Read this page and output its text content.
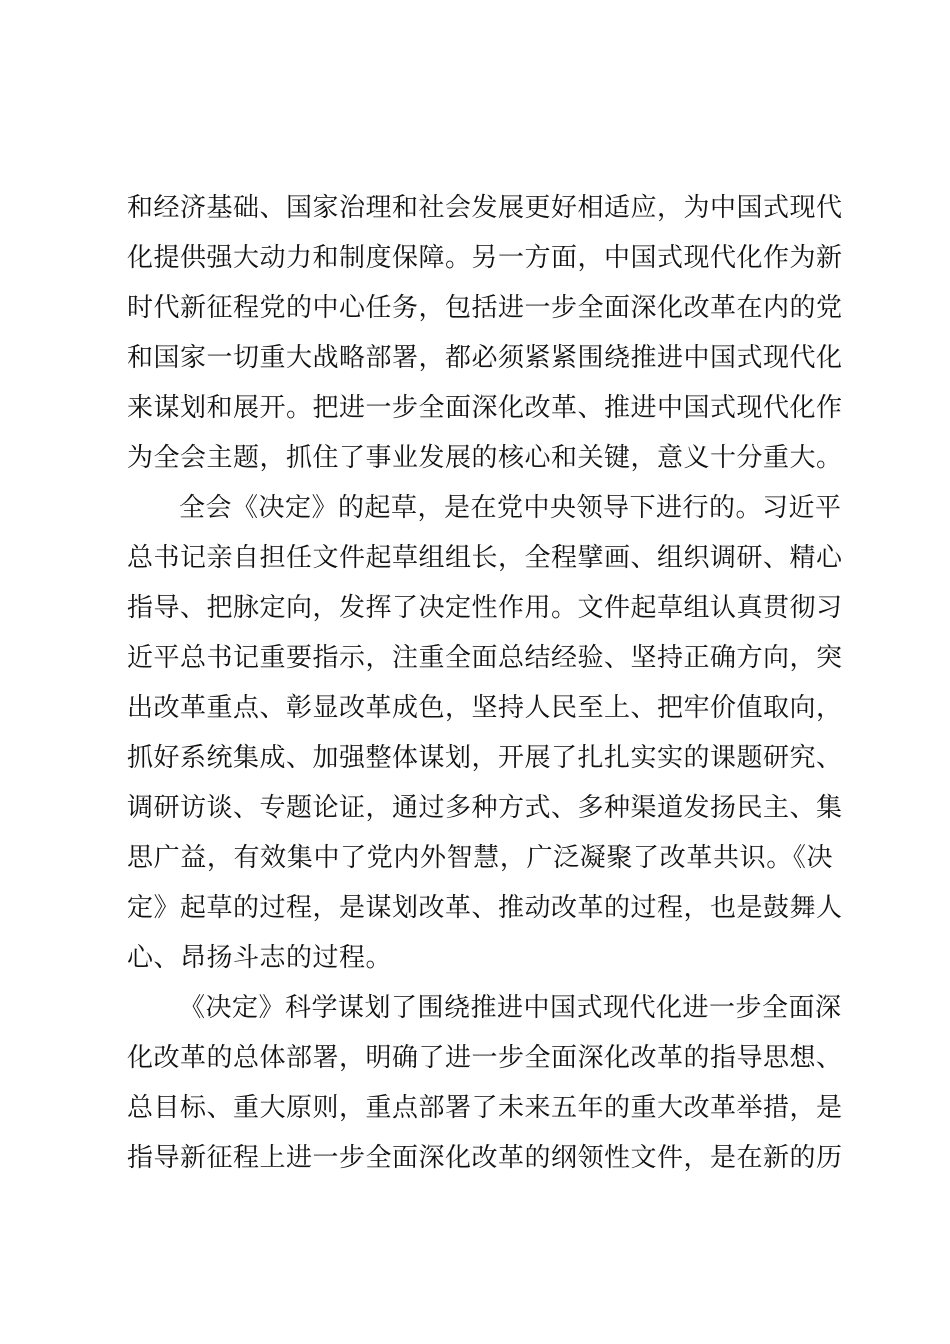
和经济基础、国家治理和社会发展更好相适应，为中国式现代
化提供强大动力和制度保障。另一方面，中国式现代化作为新
时代新征程党的中心任务，包括进一步全面深化改革在内的党
和国家一切重大战略部署，都必须紧紧围绕推进中国式现代化
来谋划和展开。把进一步全面深化改革、推进中国式现代化作
为全会主题，抓住了事业发展的核心和关键，意义十分重大。
全会《决定》的起草，是在党中央领导下进行的。习近平
总书记亲自担任文件起草组组长，全程擘画、组织调研、精心
指导、把脉定向，发挥了决定性作用。文件起草组认真贯彻习
近平总书记重要指示，注重全面总结经验、坚持正确方向，突
出改革重点、彰显改革成色，坚持人民至上、把牢价值取向，
抓好系统集成、加强整体谋划，开展了扎扎实实的课题研究、
调研访谈、专题论证，通过多种方式、多种渠道发扬民主、集
思广益，有效集中了党内外智慧，广泛凝聚了改革共识。《决
定》起草的过程，是谋划改革、推动改革的过程，也是鼓舞人
心、昂扬斗志的过程。
《决定》科学谋划了围绕推进中国式现代化进一步全面深
化改革的总体部署，明确了进一步全面深化改革的指导思想、
总目标、重大原则，重点部署了未来五年的重大改革举措，是
指导新征程上进一步全面深化改革的纲领性文件，是在新的历
